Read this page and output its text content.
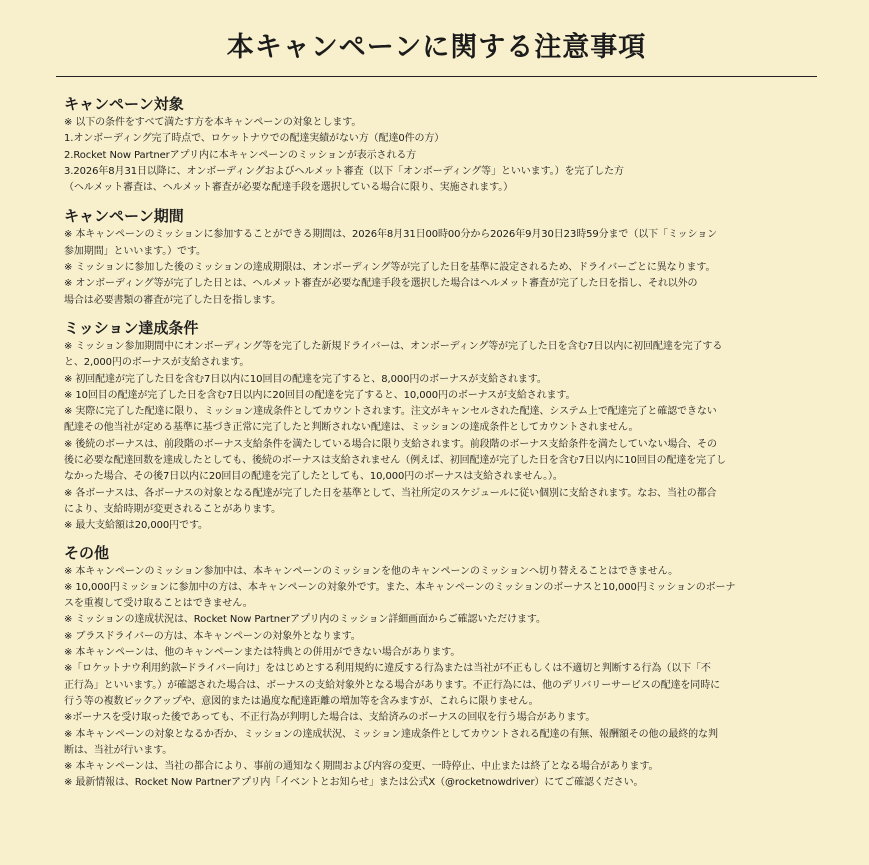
本キャンペーンに関する注意事項
キャンペーン対象
※ 以下の条件をすべて満たす方を本キャンペーンの対象とします。
1.オンボーディング完了時点で、ロケットナウでの配達実績がない方（配達0件の方）
2.Rocket Now Partnerアプリ内に本キャンペーンのミッションが表示される方
3.2026年8月31日以降に、オンボーディングおよびヘルメット審査（以下「オンボーディング等」といいます。）を完了した方
（ヘルメット審査は、ヘルメット審査が必要な配達手段を選択している場合に限り、実施されます。）
キャンペーン期間
※ 本キャンペーンのミッションに参加することができる期間は、2026年8月31日00時00分から2026年9月30日23時59分まで（以下「ミッション
参加期間」といいます。）です。
※ ミッションに参加した後のミッションの達成期限は、オンボーディング等が完了した日を基準に設定されるため、ドライバーごとに異なります。
※ オンボーディング等が完了した日とは、ヘルメット審査が必要な配達手段を選択した場合はヘルメット審査が完了した日を指し、それ以外の
場合は必要書類の審査が完了した日を指します。
ミッション達成条件
※ ミッション参加期間中にオンボーディング等を完了した新規ドライバーは、オンボーディング等が完了した日を含む7日以内に初回配達を完了する
と、2,000円のボーナスが支給されます。
※ 初回配達が完了した日を含む7日以内に10回目の配達を完了すると、8,000円のボーナスが支給されます。
※ 10回目の配達が完了した日を含む7日以内に20回目の配達を完了すると、10,000円のボーナスが支給されます。
※ 実際に完了した配達に限り、ミッション達成条件としてカウントされます。注文がキャンセルされた配達、システム上で配達完了と確認できない
配達その他当社が定める基準に基づき正常に完了したと判断されない配達は、ミッションの達成条件としてカウントされません。
※ 後続のボーナスは、前段階のボーナス支給条件を満たしている場合に限り支給されます。前段階のボーナス支給条件を満たしていない場合、その
後に必要な配達回数を達成したとしても、後続のボーナスは支給されません（例えば、初回配達が完了した日を含む7日以内に10回目の配達を完了し
なかった場合、その後7日以内に20回目の配達を完了したとしても、10,000円のボーナスは支給されません。）。
※ 各ボーナスは、各ボーナスの対象となる配達が完了した日を基準として、当社所定のスケジュールに従い個別に支給されます。なお、当社の都合
により、支給時期が変更されることがあります。
※ 最大支給額は20,000円です。
その他
※ 本キャンペーンのミッション参加中は、本キャンペーンのミッションを他のキャンペーンのミッションへ切り替えることはできません。
※ 10,000円ミッションに参加中の方は、本キャンペーンの対象外です。また、本キャンペーンのミッションのボーナスと10,000円ミッションのボーナ
スを重複して受け取ることはできません。
※ ミッションの達成状況は、Rocket Now Partnerアプリ内のミッション詳細画面からご確認いただけます。
※ ブラスドライバーの方は、本キャンペーンの対象外となります。
※ 本キャンペーンは、他のキャンペーンまたは特典との併用ができない場合があります。
※「ロケットナウ利用約款─ドライバー向け」をはじめとする利用規約に違反する行為または当社が不正もしくは不適切と判断する行為（以下「不
正行為」といいます。）が確認された場合は、ボーナスの支給対象外となる場合があります。不正行為には、他のデリバリーサービスの配達を同時に
行う等の複数ピックアップや、意図的または過度な配達距離の増加等を含みますが、これらに限りません。
※ボーナスを受け取った後であっても、不正行為が判明した場合は、支給済みのボーナスの回収を行う場合があります。
※ 本キャンペーンの対象となるか否か、ミッションの達成状況、ミッション達成条件としてカウントされる配達の有無、報酬額その他の最終的な判
断は、当社が行います。
※ 本キャンペーンは、当社の都合により、事前の通知なく期間および内容の変更、一時停止、中止または終了となる場合があります。
※ 最新情報は、Rocket Now Partnerアプリ内「イベントとお知らせ」または公式X（@rocketnowdriver）にてご確認ください。
